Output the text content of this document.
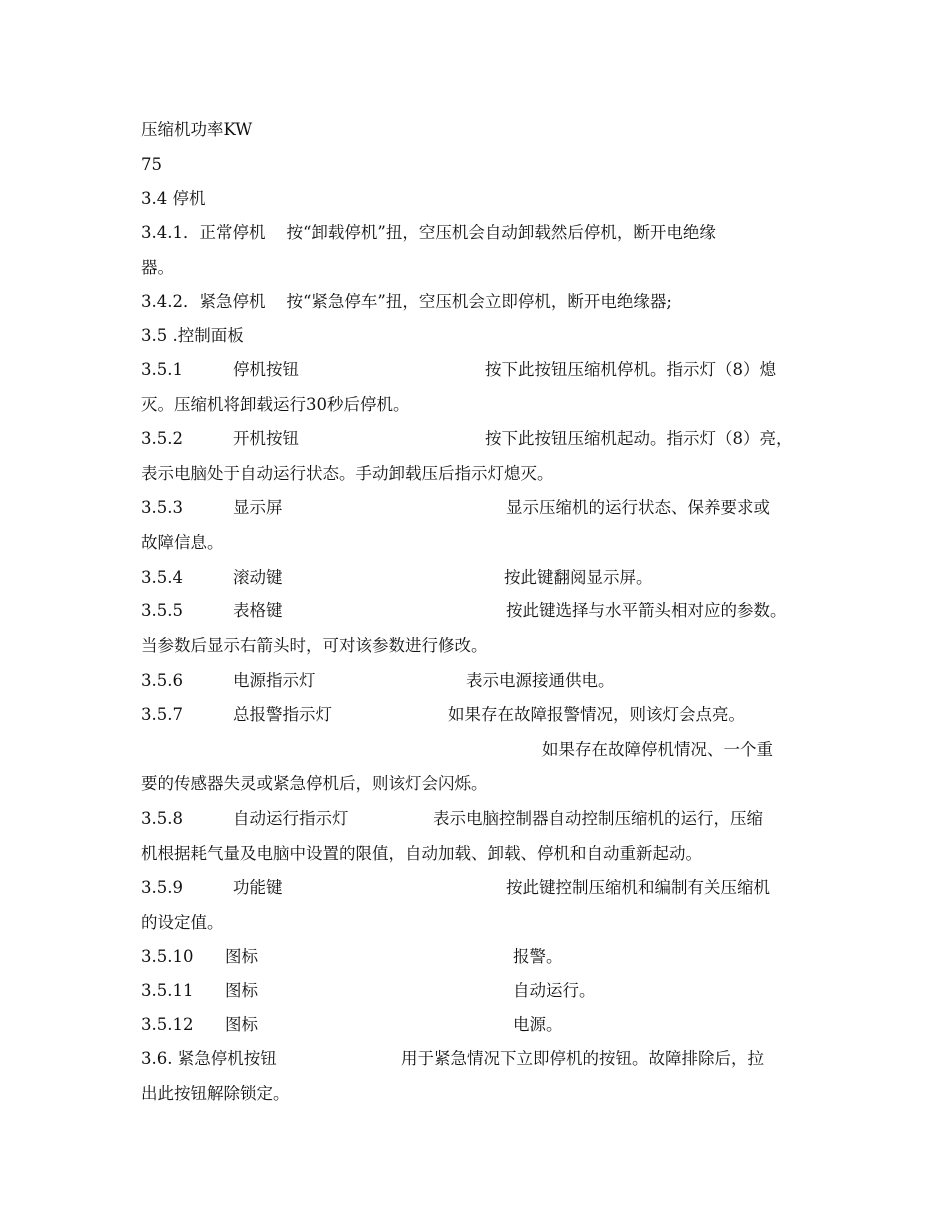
压缩机功率KW
75
3.4 停机
3.4.1．正常停机    按“卸载停机”扭，空压机会自动卸载然后停机，断开电绝缘
器。
3.4.2．紧急停机    按“紧急停车”扭，空压机会立即停机，断开电绝缘器;
3.5 .控制面板
3.5.1	停机按钮	按下此按钮压缩机停机。指示灯（8）熄
灭。压缩机将卸载运行30秒后停机。
3.5.2	开机按钮	按下此按钮压缩机起动。指示灯（8）亮，
表示电脑处于自动运行状态。手动卸载压后指示灯熄灭。
3.5.3	显示屏	显示压缩机的运行状态、保养要求或
故障信息。
3.5.4	滚动键	按此键翻阅显示屏。
3.5.5	表格键	按此键选择与水平箭头相对应的参数。
当参数后显示右箭头时，可对该参数进行修改。
3.5.6	电源指示灯	表示电源接通供电。
3.5.7	总报警指示灯	如果存在故障报警情况，则该灯会点亮。
如果存在故障停机情况、一个重
要的传感器失灵或紧急停机后，则该灯会闪烁。
3.5.8	自动运行指示灯	表示电脑控制器自动控制压缩机的运行，压缩
机根据耗气量及电脑中设置的限值，自动加载、卸载、停机和自动重新起动。
3.5.9	功能键	按此键控制压缩机和编制有关压缩机
的设定值。
3.5.10 图标	报警。
3.5.11 图标	自动运行。
3.5.12 图标	电源。
3.6. 紧急停机按钮	用于紧急情况下立即停机的按钮。故障排除后，拉
出此按钮解除锁定。
